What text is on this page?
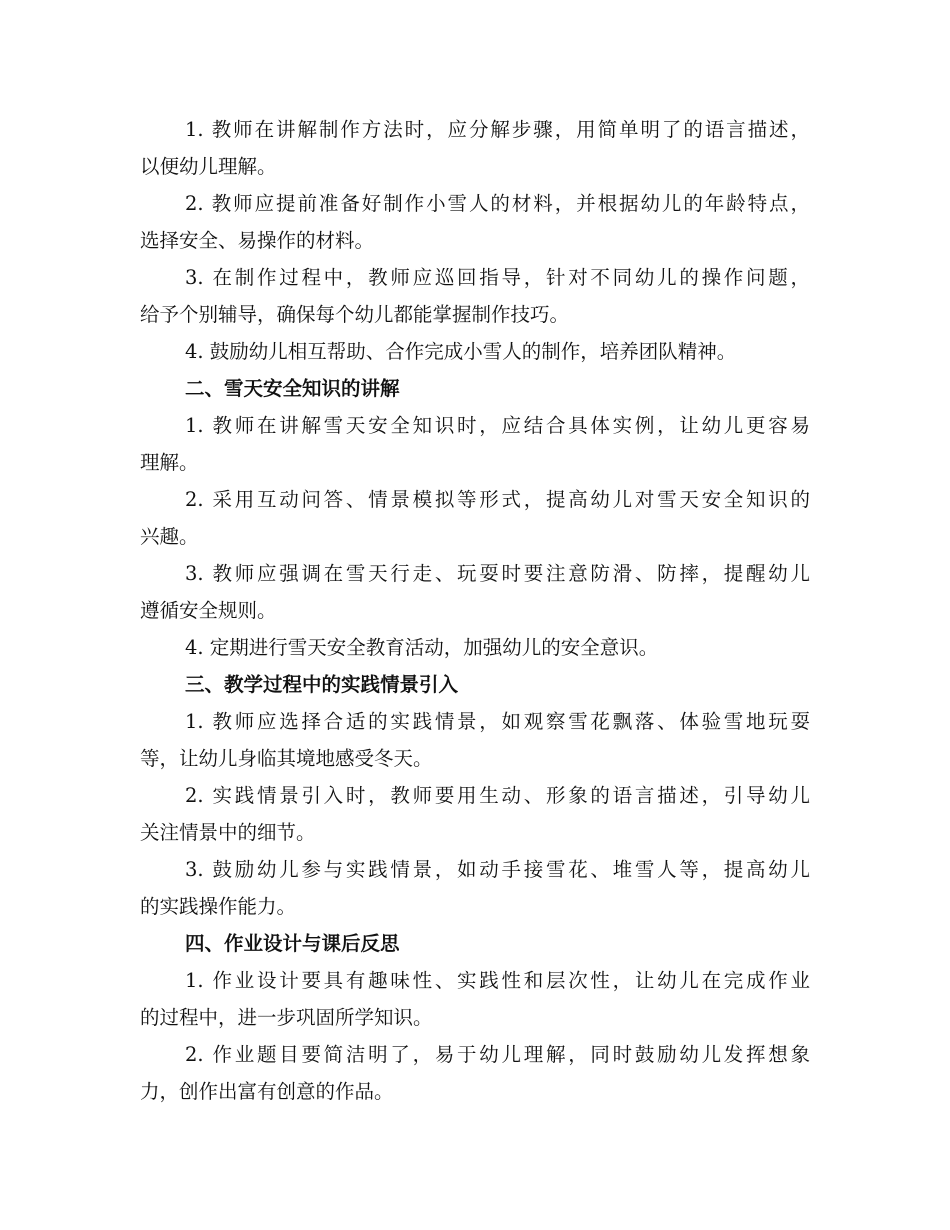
1. 教师在讲解制作方法时，应分解步骤，用简单明了的语言描述，
以便幼儿理解。
2. 教师应提前准备好制作小雪人的材料，并根据幼儿的年龄特点，
选择安全、易操作的材料。
3. 在制作过程中，教师应巡回指导，针对不同幼儿的操作问题，
给予个别辅导，确保每个幼儿都能掌握制作技巧。
4. 鼓励幼儿相互帮助、合作完成小雪人的制作，培养团队精神。
二、雪天安全知识的讲解
1. 教师在讲解雪天安全知识时，应结合具体实例，让幼儿更容易
理解。
2. 采用互动问答、情景模拟等形式，提高幼儿对雪天安全知识的
兴趣。
3. 教师应强调在雪天行走、玩耍时要注意防滑、防摔，提醒幼儿
遵循安全规则。
4. 定期进行雪天安全教育活动，加强幼儿的安全意识。
三、教学过程中的实践情景引入
1. 教师应选择合适的实践情景，如观察雪花飘落、体验雪地玩耍
等，让幼儿身临其境地感受冬天。
2. 实践情景引入时，教师要用生动、形象的语言描述，引导幼儿
关注情景中的细节。
3. 鼓励幼儿参与实践情景，如动手接雪花、堆雪人等，提高幼儿
的实践操作能力。
四、作业设计与课后反思
1. 作业设计要具有趣味性、实践性和层次性，让幼儿在完成作业
的过程中，进一步巩固所学知识。
2. 作业题目要简洁明了，易于幼儿理解，同时鼓励幼儿发挥想象
力，创作出富有创意的作品。
